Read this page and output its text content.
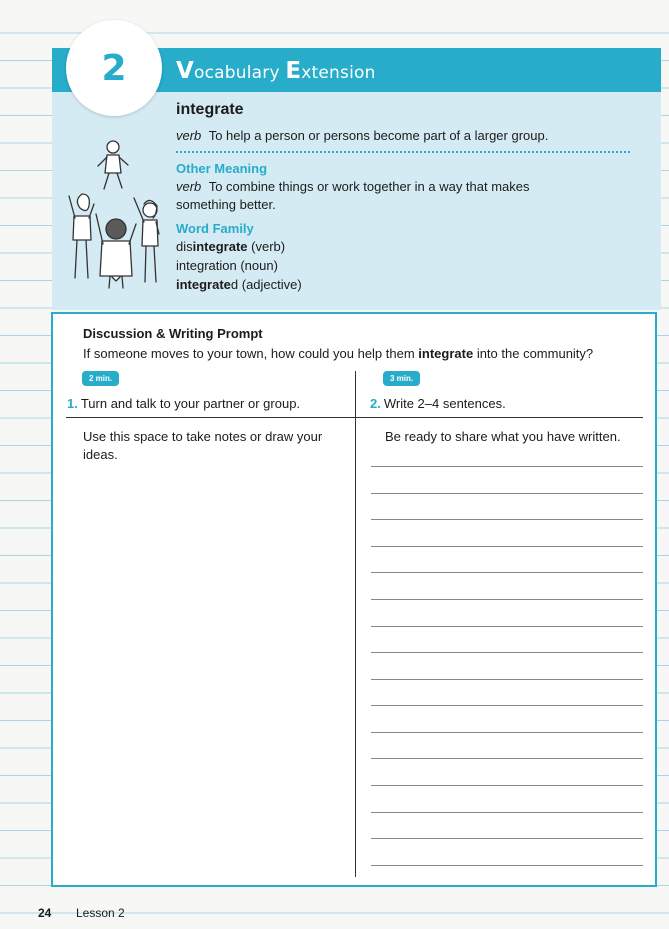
2	Vocabulary Extension
integrate
verb To help a person or persons become part of a larger group.
Other Meaning
verb To combine things or work together in a way that makes something better.
Word Family
disintegrate (verb)
integration (noun)
integrated (adjective)
Discussion & Writing Prompt
If someone moves to your town, how could you help them integrate into the community?
2 min.	3 min.
1. Turn and talk to your partner or group.	2. Write 2–4 sentences.
Use this space to take notes or draw your ideas.
Be ready to share what you have written.
24 Lesson 2
